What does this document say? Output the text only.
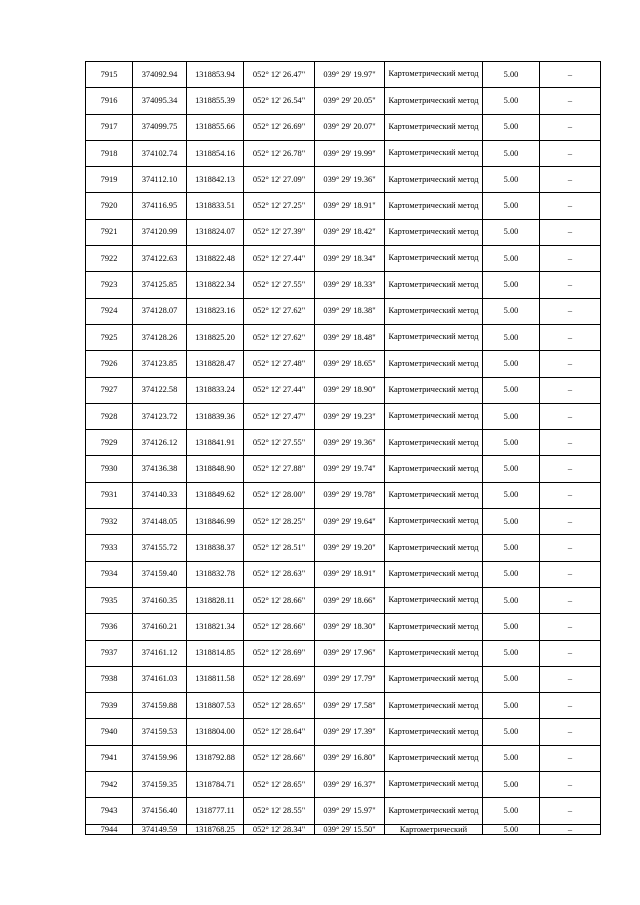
7915	374092.94	1318853.94	052° 12' 26.47"	039° 29' 19.97"	Картометрический метод	5.00	–
7916	374095.34	1318855.39	052° 12' 26.54"	039° 29' 20.05"	Картометрический метод	5.00	–
7917	374099.75	1318855.66	052° 12' 26.69"	039° 29' 20.07"	Картометрический метод	5.00	–
7918	374102.74	1318854.16	052° 12' 26.78"	039° 29' 19.99"	Картометрический метод	5.00	–
7919	374112.10	1318842.13	052° 12' 27.09"	039° 29' 19.36"	Картометрический метод	5.00	–
7920	374116.95	1318833.51	052° 12' 27.25"	039° 29' 18.91"	Картометрический метод	5.00	–
7921	374120.99	1318824.07	052° 12' 27.39"	039° 29' 18.42"	Картометрический метод	5.00	–
7922	374122.63	1318822.48	052° 12' 27.44"	039° 29' 18.34"	Картометрический метод	5.00	–
7923	374125.85	1318822.34	052° 12' 27.55"	039° 29' 18.33"	Картометрический метод	5.00	–
7924	374128.07	1318823.16	052° 12' 27.62"	039° 29' 18.38"	Картометрический метод	5.00	–
7925	374128.26	1318825.20	052° 12' 27.62"	039° 29' 18.48"	Картометрический метод	5.00	–
7926	374123.85	1318828.47	052° 12' 27.48"	039° 29' 18.65"	Картометрический метод	5.00	–
7927	374122.58	1318833.24	052° 12' 27.44"	039° 29' 18.90"	Картометрический метод	5.00	–
7928	374123.72	1318839.36	052° 12' 27.47"	039° 29' 19.23"	Картометрический метод	5.00	–
7929	374126.12	1318841.91	052° 12' 27.55"	039° 29' 19.36"	Картометрический метод	5.00	–
7930	374136.38	1318848.90	052° 12' 27.88"	039° 29' 19.74"	Картометрический метод	5.00	–
7931	374140.33	1318849.62	052° 12' 28.00"	039° 29' 19.78"	Картометрический метод	5.00	–
7932	374148.05	1318846.99	052° 12' 28.25"	039° 29' 19.64"	Картометрический метод	5.00	–
7933	374155.72	1318838.37	052° 12' 28.51"	039° 29' 19.20"	Картометрический метод	5.00	–
7934	374159.40	1318832.78	052° 12' 28.63"	039° 29' 18.91"	Картометрический метод	5.00	–
7935	374160.35	1318828.11	052° 12' 28.66"	039° 29' 18.66"	Картометрический метод	5.00	–
7936	374160.21	1318821.34	052° 12' 28.66"	039° 29' 18.30"	Картометрический метод	5.00	–
7937	374161.12	1318814.85	052° 12' 28.69"	039° 29' 17.96"	Картометрический метод	5.00	–
7938	374161.03	1318811.58	052° 12' 28.69"	039° 29' 17.79"	Картометрический метод	5.00	–
7939	374159.88	1318807.53	052° 12' 28.65"	039° 29' 17.58"	Картометрический метод	5.00	–
7940	374159.53	1318804.00	052° 12' 28.64"	039° 29' 17.39"	Картометрический метод	5.00	–
7941	374159.96	1318792.88	052° 12' 28.66"	039° 29' 16.80"	Картометрический метод	5.00	–
7942	374159.35	1318784.71	052° 12' 28.65"	039° 29' 16.37"	Картометрический метод	5.00	–
7943	374156.40	1318777.11	052° 12' 28.55"	039° 29' 15.97"	Картометрический метод	5.00	–
7944	374149.59	1318768.25	052° 12' 28.34"	039° 29' 15.50"	Картометрический	5.00	–
